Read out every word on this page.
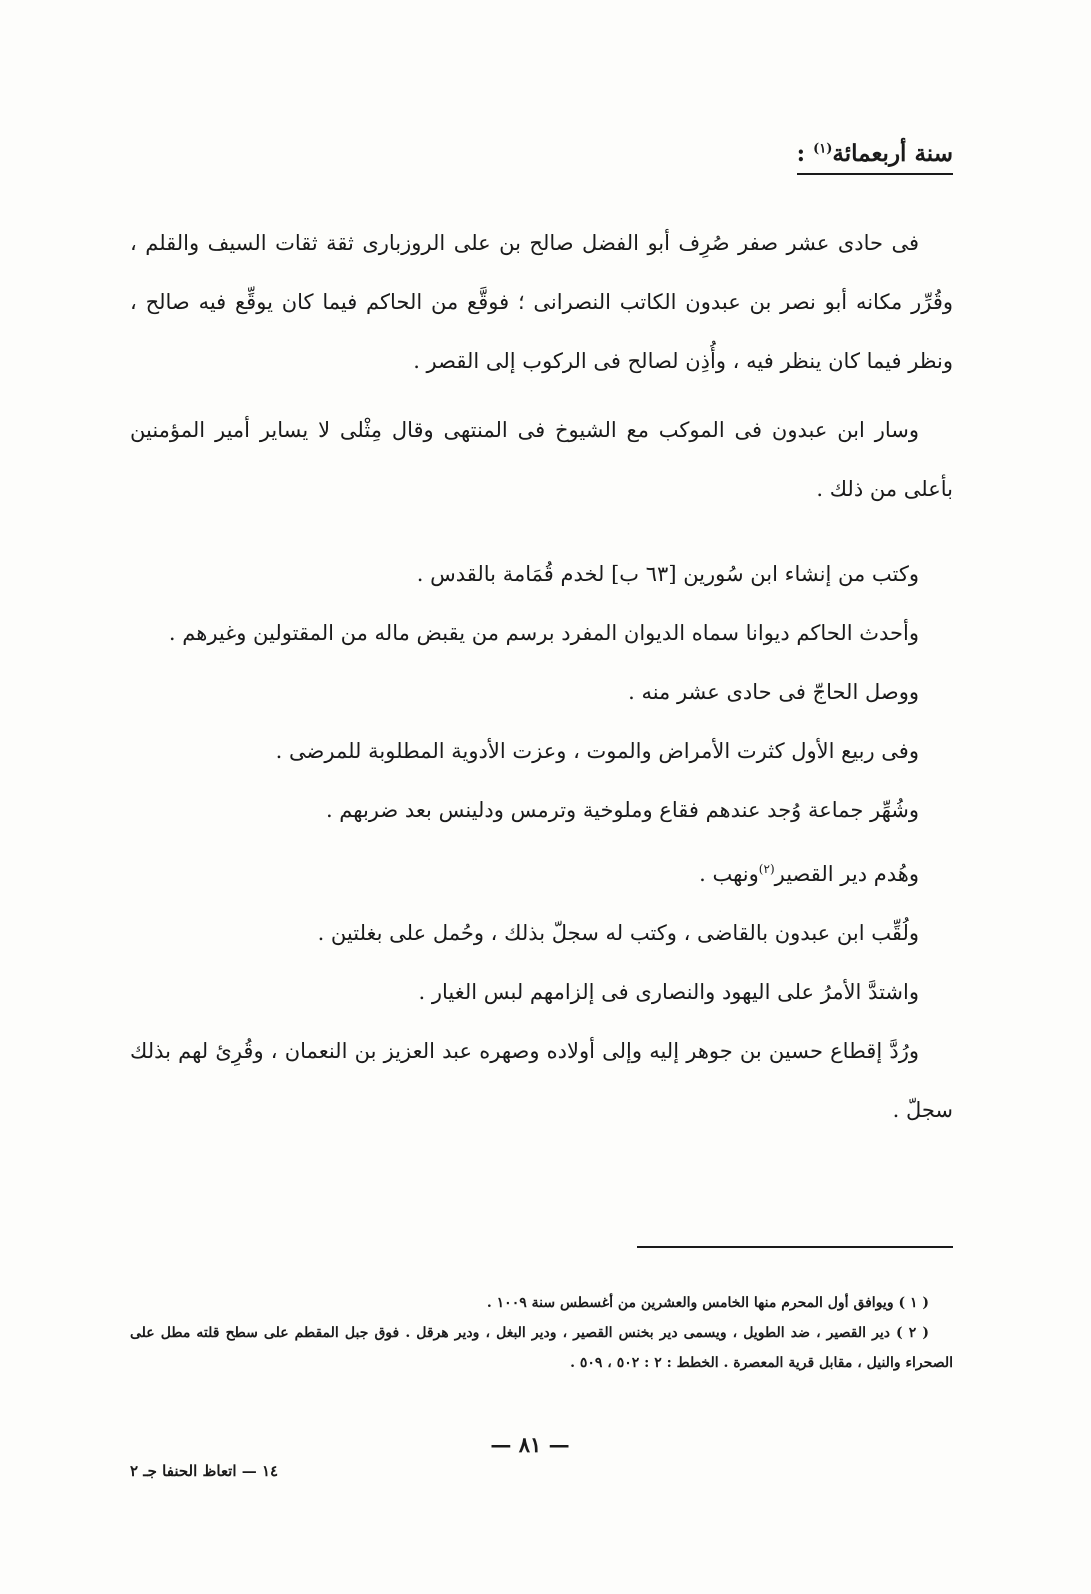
سنة أربعمائة$^{(١)}$ :

فى حادى عشر صفر صُرِف أبو الفضل صالح بن على الروزبارى ثقة ثقات السيف والقلم ، وقُرِّر مكانه أبو نصر بن عبدون الكاتب النصرانى ؛ فوقَّع من الحاكم فيما كان يوقِّع فيه صالح ، ونظر فيما كان ينظر فيه ، وأُذِن لصالح فى الركوب إلى القصر .

وسار ابن عبدون فى الموكب مع الشيوخ فى المنتهى وقال مِثْلى لا يساير أمير المؤمنين بأعلى من ذلك .

وكتب من إنشاء ابن سُورين [٦٣ ب] لخدم قُمَامة بالقدس .

وأحدث الحاكم ديوانا سماه الديوان المفرد برسم من يقبض ماله من المقتولين وغيرهم .

ووصل الحاجّ فى حادى عشر منه .

وفى ربيع الأول كثرت الأمراض والموت ، وعزت الأدوية المطلوبة للمرضى .

وشُهِّر جماعة وُجد عندهم فقاع وملوخية وترمس ودلينس بعد ضربهم .

وهُدم دير القصير$^{(٢)}$ونهب .

ولُقِّب ابن عبدون بالقاضى ، وكتب له سجلّ بذلك ، وحُمل على بغلتين .

واشتدَّ الأمرُ على اليهود والنصارى فى إلزامهم لبس الغيار .

ورُدَّ إقطاع حسين بن جوهر إليه وإلى أولاده وصهره عبد العزيز بن النعمان ، وقُرِئ لهم بذلك سجلّ .

( ١ ) ويوافق أول المحرم منها الخامس والعشرين من أغسطس سنة ١٠٠٩ .

( ٢ ) دير القصير ، ضد الطويل ، ويسمى دير بخنس القصير ، ودير البغل ، ودير هرقل . فوق جبل المقطم على سطح قلته مطل على الصحراء والنيل ، مقابل قرية المعصرة . الخطط : ٢ : ٥٠٢ ، ٥٠٩ .

— ٨١ —
١٤ — اتعاظ الحنفا جـ ٢
